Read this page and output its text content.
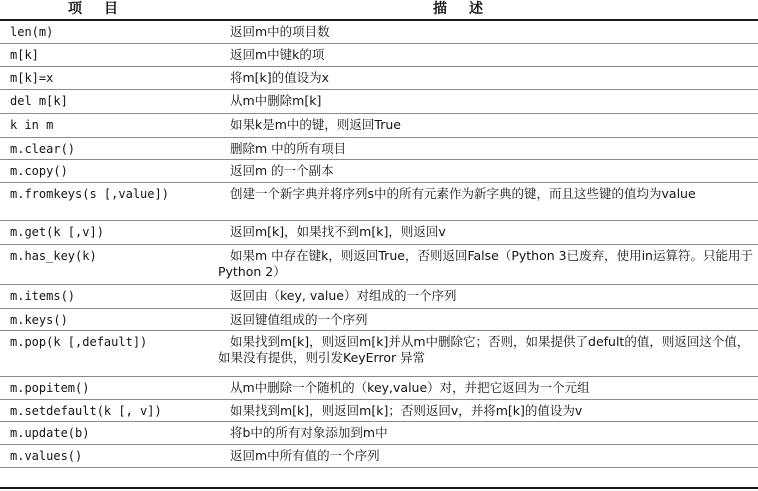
项目	描述
len(m)	返回m中的项目数
m[k]	返回m中键k的项
m[k]=x	将m[k]的值设为x
del m[k]	从m中删除m[k]
k in m	如果k是m中的键，则返回True
m.clear()	删除m 中的所有项目
m.copy()	返回m 的一个副本
m.fromkeys(s [,value])	创建一个新字典并将序列s中的所有元素作为新字典的键，而且这些键的值均为value
m.get(k [,v])	返回m[k]，如果找不到m[k]，则返回v
m.has_key(k)	如果m 中存在键k，则返回True，否则返回False（Python 3已废弃，使用in运算符。只能用于Python 2）
m.items()	返回由（key, value）对组成的一个序列
m.keys()	返回键值组成的一个序列
m.pop(k [,default])	如果找到m[k]，则返回m[k]并从m中删除它；否则，如果提供了defult的值，则返回这个值，如果没有提供，则引发KeyError 异常
m.popitem()	从m中删除一个随机的（key,value）对，并把它返回为一个元组
m.setdefault(k [, v])	如果找到m[k]，则返回m[k]；否则返回v，并将m[k]的值设为v
m.update(b)	将b中的所有对象添加到m中
m.values()	返回m中所有值的一个序列
